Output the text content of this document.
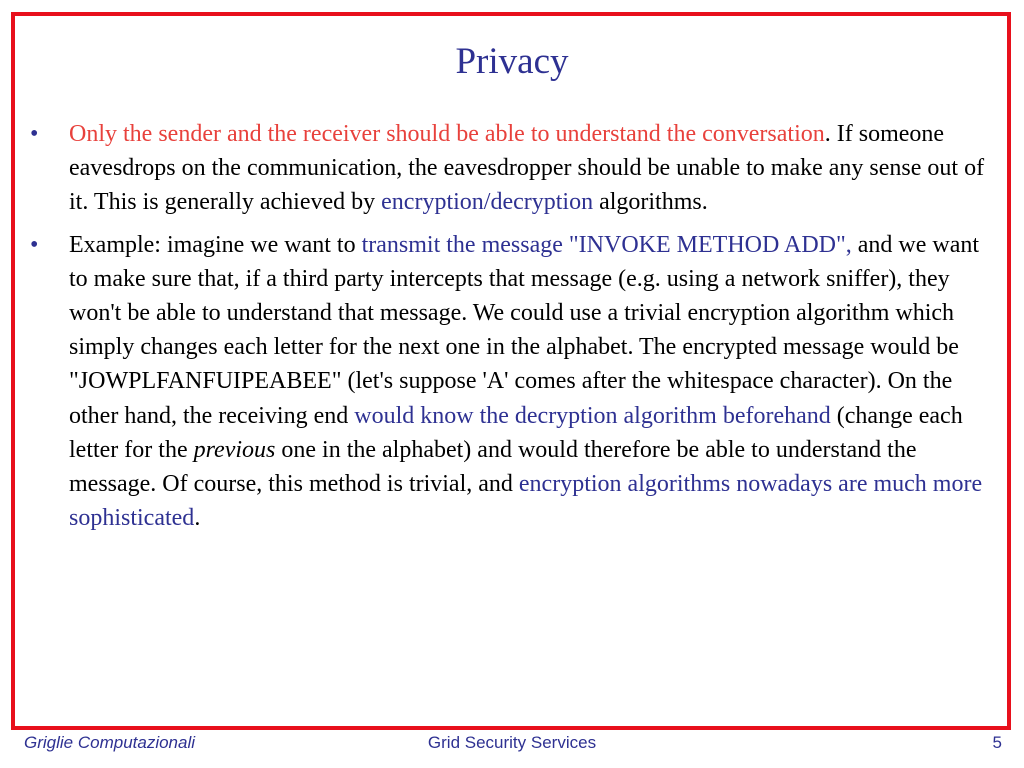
Privacy
• Only the sender and the receiver should be able to understand the conversation. If someone eavesdrops on the communication, the eavesdropper should be unable to make any sense out of it. This is generally achieved by encryption/decryption algorithms.
• Example: imagine we want to transmit the message "INVOKE METHOD ADD", and we want to make sure that, if a third party intercepts that message (e.g. using a network sniffer), they won't be able to understand that message. We could use a trivial encryption algorithm which simply changes each letter for the next one in the alphabet. The encrypted message would be "JOWPLFANFUIPEABEE" (let's suppose 'A' comes after the whitespace character). On the other hand, the receiving end would know the decryption algorithm beforehand (change each letter for the previous one in the alphabet) and would therefore be able to understand the message. Of course, this method is trivial, and encryption algorithms nowadays are much more sophisticated.
Griglie Computazionali	Grid Security Services	5
